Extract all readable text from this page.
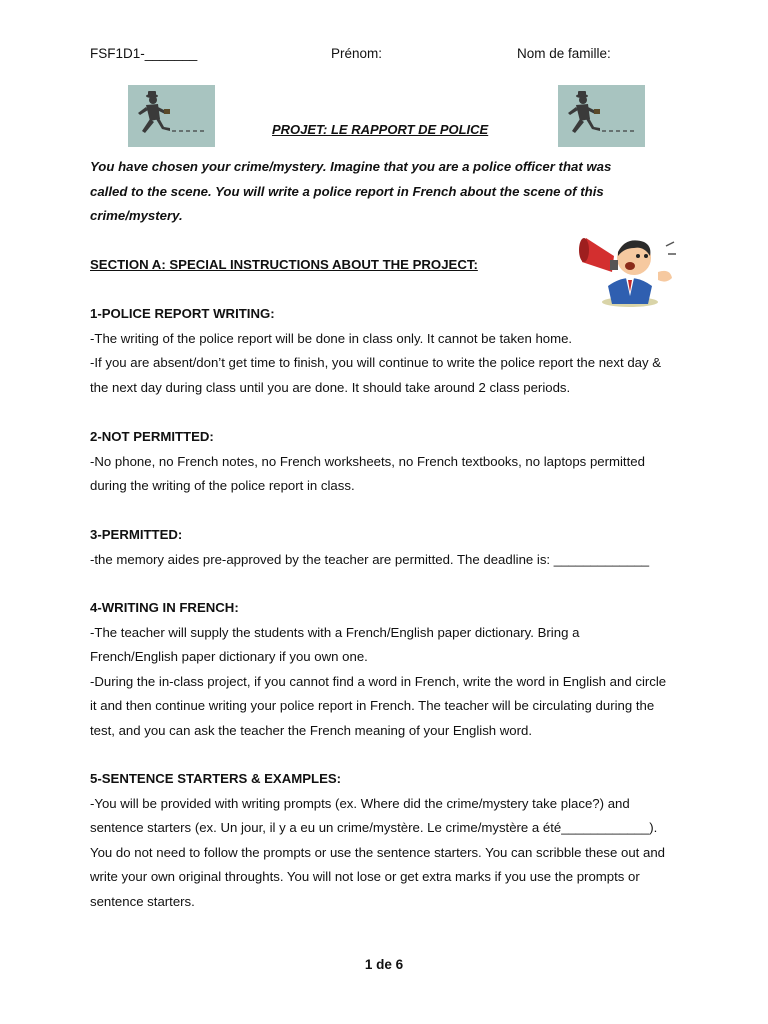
FSF1D1-_______	Prénom:	Nom de famille:
PROJET: LE RAPPORT DE POLICE
You have chosen your crime/mystery. Imagine that you are a police officer that was called to the scene. You will write a police report in French about the scene of this crime/mystery.
SECTION A: SPECIAL INSTRUCTIONS ABOUT THE PROJECT:

1-POLICE REPORT WRITING:

-The writing of the police report will be done in class only. It cannot be taken home.

-If you are absent/don’t get time to finish, you will continue to write the police report the next day & the next day during class until you are done. It should take around 2 class periods.

2-NOT PERMITTED:

-No phone, no French notes, no French worksheets, no French textbooks, no laptops permitted during the writing of the police report in class.

3-PERMITTED:

-the memory aides pre-approved by the teacher are permitted. The deadline is: _____________

4-WRITING IN FRENCH:

-The teacher will supply the students with a French/English paper dictionary. Bring a French/English paper dictionary if you own one.

-During the in-class project, if you cannot find a word in French, write the word in English and circle it and then continue writing your police report in French. The teacher will be circulating during the test, and you can ask the teacher the French meaning of your English word.

5-SENTENCE STARTERS & EXAMPLES:

-You will be provided with writing prompts (ex. Where did the crime/mystery take place?) and sentence starters (ex. Un jour, il y a eu un crime/mystère. Le crime/mystère a été____________). You do not need to follow the prompts or use the sentence starters. You can scribble these out and write your own original throughts. You will not lose or get extra marks if you use the prompts or sentence starters.

1 de 6
